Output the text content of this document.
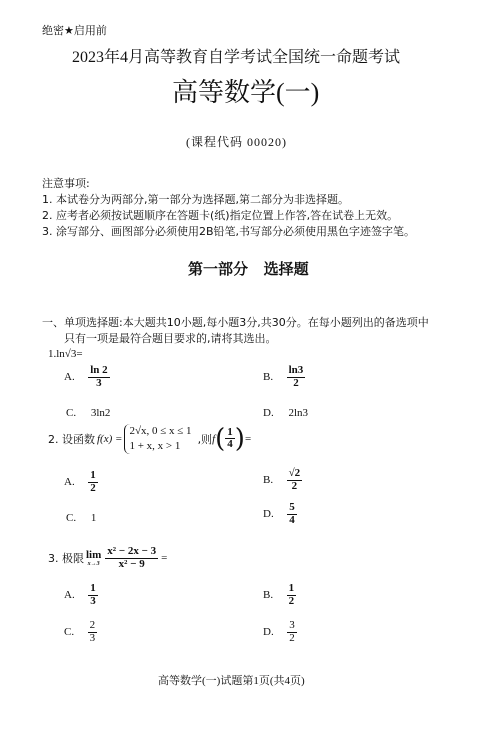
绝密★启用前
2023年4月高等教育自学考试全国统一命题考试
高等数学(一)
(课程代码 00020)
注意事项:
1. 本试卷分为两部分,第一部分为选择题,第二部分为非选择题。
2. 应考者必须按试题顺序在答题卡(纸)指定位置上作答,答在试卷上无效。
3. 涂写部分、画图部分必须使用2B铅笔,书写部分必须使用黑色字迹签字笔。
第一部分   选择题
一、单项选择题:本大题共10小题,每小题3分,共30分。在每小题列出的备选项中
只有一项是最符合题目要求的,请将其选出。
1.ln√3=
A. $\frac{\ln 2}{3}$	B. $\frac{\ln 3}{2}$
C. 3ln2	D. 2ln3
2. 设函数 f(x) =
2√x, 0 ≤ x ≤ 1
1 + x, x > 1	,则 f ( $\frac{1}{4}$ ) =
A. $\frac{1}{2}$	B. $\frac{√2}{2}$
C. 1	D. $\frac{5}{4}$
3. 极限 lim
$x\to 3 \frac{\text{x² − 2x − 3}}{\text{x² − 9}}$ =
A. $\frac{1}{3}$	B. $\frac{1}{2}$
C. $\frac{2}{3}$	D. $\frac{3}{2}$
高等数学(一)试题第1页(共4页)
